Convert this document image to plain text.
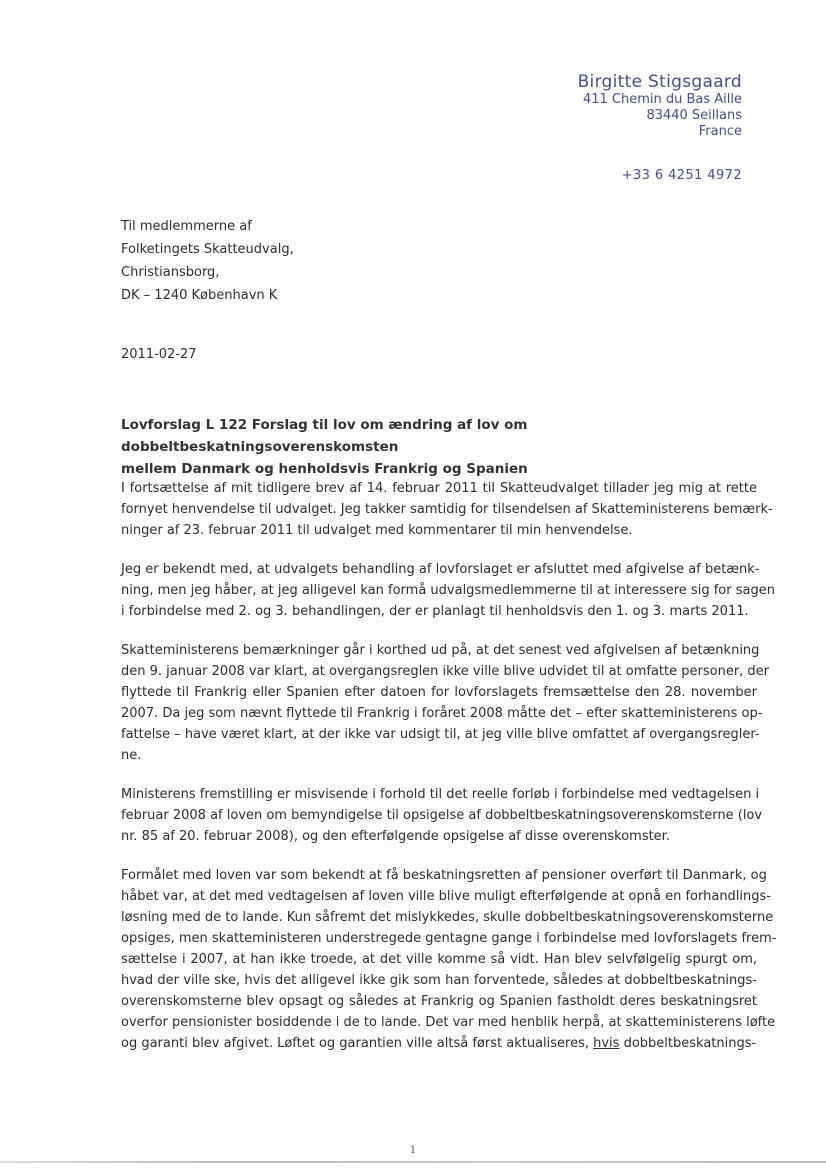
Birgitte Stigsgaard
411 Chemin du Bas Aille
83440 Seillans
France
+33 6 4251 4972
Til medlemmerne af
Folketingets Skatteudvalg,
Christiansborg,
DK – 1240 København K
2011-02-27
Lovforslag L 122 Forslag til lov om ændring af lov om dobbeltbeskatningsoverenskomsten
mellem Danmark og henholdsvis Frankrig og Spanien
I fortsættelse af mit tidligere brev af 14. februar 2011 til Skatteudvalget tillader jeg mig at rette
fornyet henvendelse til udvalget. Jeg takker samtidig for tilsendelsen af Skatteministerens bemærk-
ninger af 23. februar 2011 til udvalget med kommentarer til min henvendelse.
Jeg er bekendt med, at udvalgets behandling af lovforslaget er afsluttet med afgivelse af betænk-
ning, men jeg håber, at jeg alligevel kan formå udvalgsmedlemmerne til at interessere sig for sagen
i forbindelse med 2. og 3. behandlingen, der er planlagt til henholdsvis den 1. og 3. marts 2011.
Skatteministerens bemærkninger går i korthed ud på, at det senest ved afgivelsen af betænkning
den 9. januar 2008 var klart, at overgangsreglen ikke ville blive udvidet til at omfatte personer, der
flyttede til Frankrig eller Spanien efter datoen for lovforslagets fremsættelse den 28. november
2007. Da jeg som nævnt flyttede til Frankrig i foråret 2008 måtte det – efter skatteministerens op-
fattelse – have været klart, at der ikke var udsigt til, at jeg ville blive omfattet af overgangsregler-
ne.
Ministerens fremstilling er misvisende i forhold til det reelle forløb i forbindelse med vedtagelsen i
februar 2008 af loven om bemyndigelse til opsigelse af dobbeltbeskatningsoverenskomsterne (lov
nr. 85 af 20. februar 2008), og den efterfølgende opsigelse af disse overenskomster.
Formålet med loven var som bekendt at få beskatningsretten af pensioner overført til Danmark, og
håbet var, at det med vedtagelsen af loven ville blive muligt efterfølgende at opnå en forhandlings-
løsning med de to lande. Kun såfremt det mislykkedes, skulle dobbeltbeskatningsoverenskomsterne
opsiges, men skatteministeren understregede gentagne gange i forbindelse med lovforslagets frem-
sættelse i 2007, at han ikke troede, at det ville komme så vidt. Han blev selvfølgelig spurgt om,
hvad der ville ske, hvis det alligevel ikke gik som han forventede, således at dobbeltbeskatnings-
overenskomsterne blev opsagt og således at Frankrig og Spanien fastholdt deres beskatningsret
overfor pensionister bosiddende i de to lande. Det var med henblik herpå, at skatteministerens løfte
og garanti blev afgivet. Løftet og garantien ville altså først aktualiseres, hvis dobbeltbeskatnings-
1
